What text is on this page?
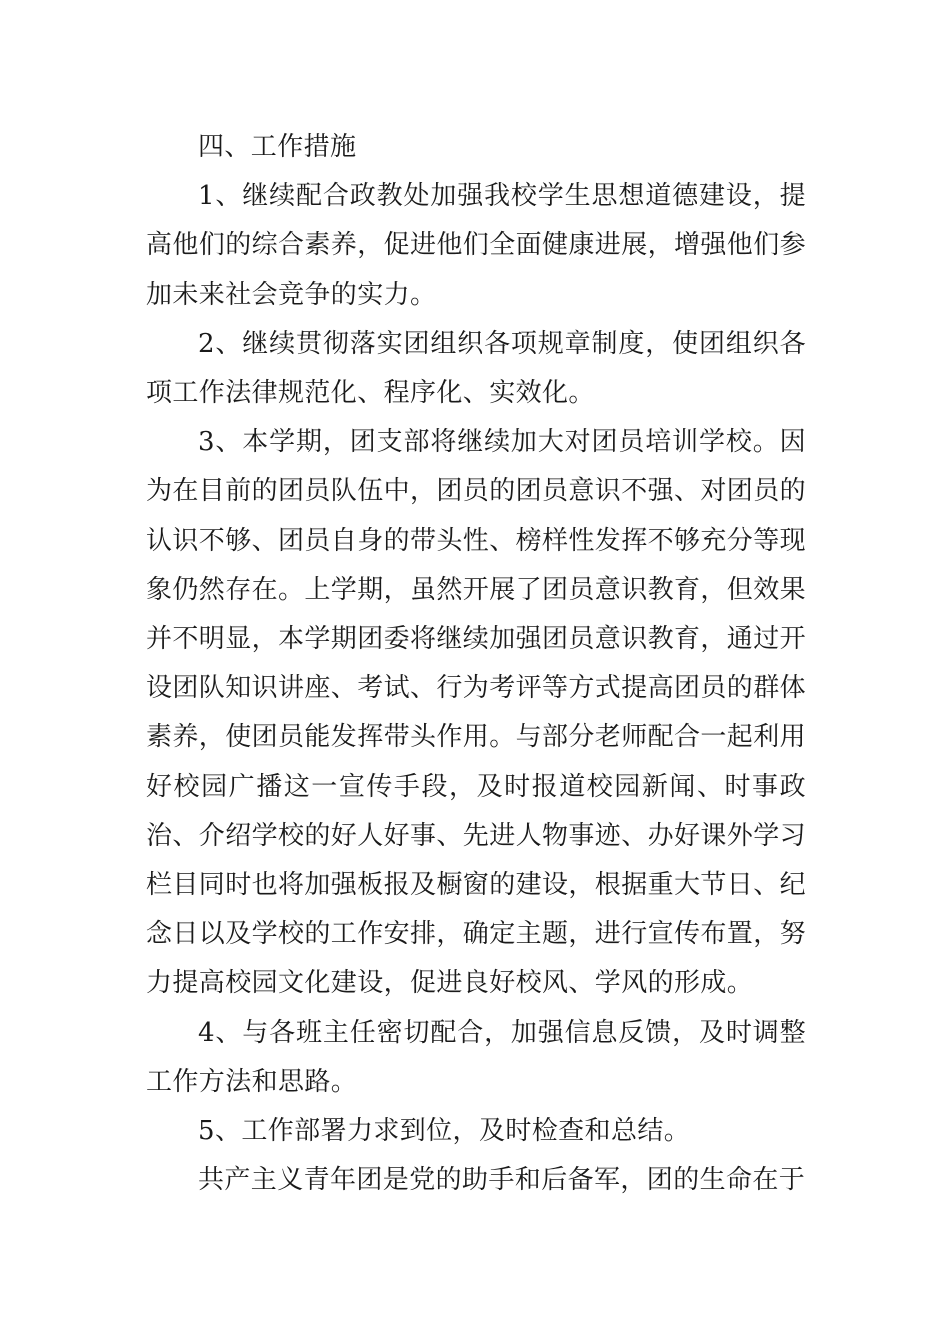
四、工作措施

1、继续配合政教处加强我校学生思想道德建设，提高他们的综合素养，促进他们全面健康进展，增强他们参加未来社会竞争的实力。

2、继续贯彻落实团组织各项规章制度，使团组织各项工作法律规范化、程序化、实效化。

3、本学期，团支部将继续加大对团员培训学校。因为在目前的团员队伍中，团员的团员意识不强、对团员的认识不够、团员自身的带头性、榜样性发挥不够充分等现象仍然存在。上学期，虽然开展了团员意识教育，但效果并不明显，本学期团委将继续加强团员意识教育，通过开设团队知识讲座、考试、行为考评等方式提高团员的群体素养，使团员能发挥带头作用。与部分老师配合一起利用好校园广播这一宣传手段，及时报道校园新闻、时事政治、介绍学校的好人好事、先进人物事迹、办好课外学习栏目同时也将加强板报及橱窗的建设，根据重大节日、纪念日以及学校的工作安排，确定主题，进行宣传布置，努力提高校园文化建设，促进良好校风、学风的形成。

4、与各班主任密切配合，加强信息反馈，及时调整工作方法和思路。

5、工作部署力求到位，及时检查和总结。

共产主义青年团是党的助手和后备军，团的生命在于
